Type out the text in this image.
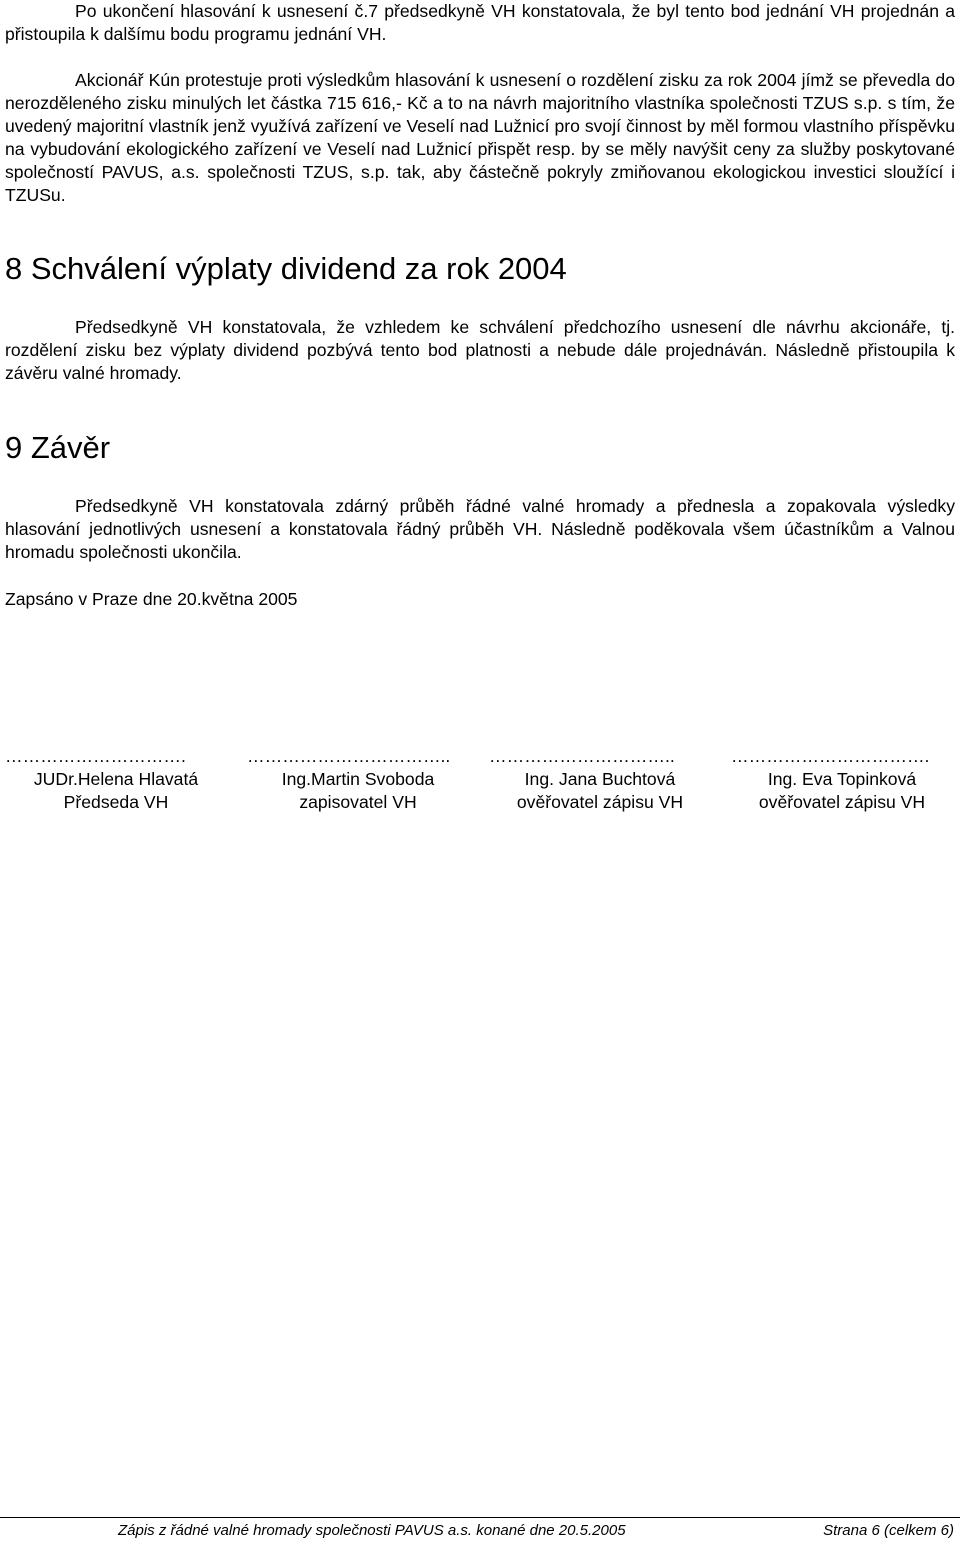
Po ukončení hlasování k usnesení č.7 předsedkyně VH konstatovala, že byl tento bod jednání VH projednán a přistoupila k dalšímu bodu programu jednání VH.

Akcionář Kún protestuje proti výsledkům hlasování k usnesení o rozdělení zisku za rok 2004 jímž se převedla do nerozděleného zisku minulých let částka 715 616,- Kč a to na návrh majoritního vlastníka společnosti TZUS s.p. s tím, že uvedený majoritní vlastník jenž využívá zařízení ve Veselí nad Lužnicí pro svojí činnost by měl formou vlastního příspěvku na vybudování ekologického zařízení ve Veselí nad Lužnicí přispět resp. by se měly navýšit ceny za služby poskytované společností PAVUS, a.s. společnosti TZUS, s.p. tak, aby částečně pokryly zmiňovanou ekologickou investici sloužící i TZUSu.

8 Schválení výplaty dividend za rok 2004

Předsedkyně VH konstatovala, že vzhledem ke schválení předchozího usnesení dle návrhu akcionáře, tj. rozdělení zisku bez výplaty dividend pozbývá tento bod platnosti a nebude dále projednáván. Následně přistoupila k závěru valné hromady.

9 Závěr

Předsedkyně VH konstatovala zdárný průběh řádné valné hromady a přednesla a zopakovala výsledky hlasování jednotlivých usnesení a konstatovala řádný průběh VH. Následně poděkovala všem účastníkům a Valnou hromadu společnosti ukončila.

Zapsáno v Praze dne 20.května 2005

………………………….
JUDr.Helena Hlavatá
Předseda VH
……………………………..
Ing.Martin Svoboda
zapisovatel VH
…………………………..
Ing. Jana Buchtová
ověřovatel zápisu VH
…………………………….
Ing. Eva Topinková
ověřovatel zápisu VH
Zápis z řádné valné hromady společnosti PAVUS a.s. konané dne 20.5.2005	Strana 6 (celkem 6)
